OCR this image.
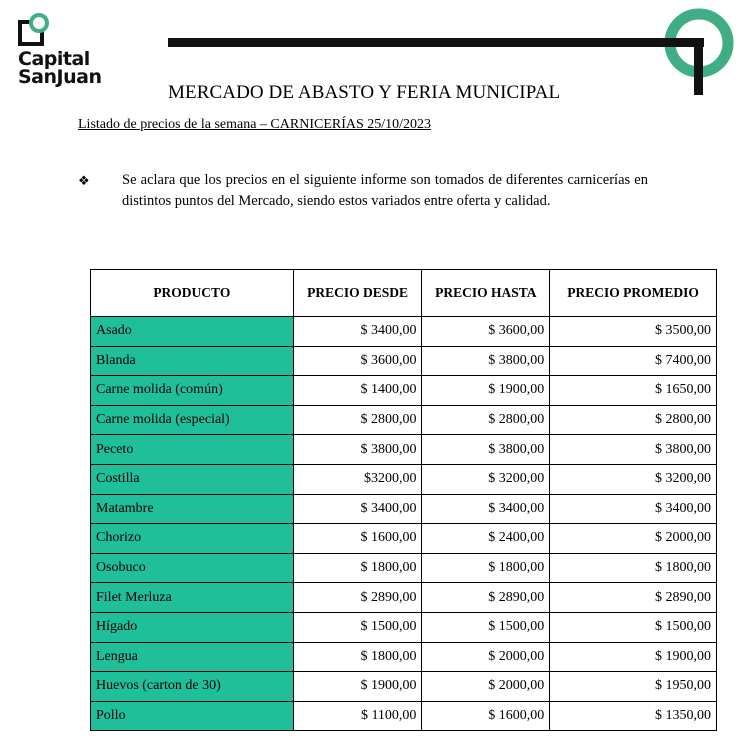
Capital
SanJuan
MERCADO DE ABASTO Y FERIA MUNICIPAL
Listado de precios de la semana – CARNICERÍAS 25/10/2023
❖ Se aclara que los precios en el siguiente informe son tomados de diferentes carnicerías en distintos puntos del Mercado, siendo estos variados entre oferta y calidad.
PRODUCTO	PRECIO DESDE	PRECIO HASTA	PRECIO PROMEDIO
Asado	$ 3400,00	$ 3600,00	$ 3500,00
Blanda	$ 3600,00	$ 3800,00	$ 7400,00
Carne molida (común)	$ 1400,00	$ 1900,00	$ 1650,00
Carne molida (especial)	$ 2800,00	$ 2800,00	$ 2800,00
Peceto	$ 3800,00	$ 3800,00	$ 3800,00
Costilla	$3200,00	$ 3200,00	$ 3200,00
Matambre	$ 3400,00	$ 3400,00	$ 3400,00
Chorizo	$ 1600,00	$ 2400,00	$ 2000,00
Osobuco	$ 1800,00	$ 1800,00	$ 1800,00
Filet Merluza	$ 2890,00	$ 2890,00	$ 2890,00
Hígado	$ 1500,00	$ 1500,00	$ 1500,00
Lengua	$ 1800,00	$ 2000,00	$ 1900,00
Huevos (carton de 30)	$ 1900,00	$ 2000,00	$ 1950,00
Pollo	$ 1100,00	$ 1600,00	$ 1350,00
